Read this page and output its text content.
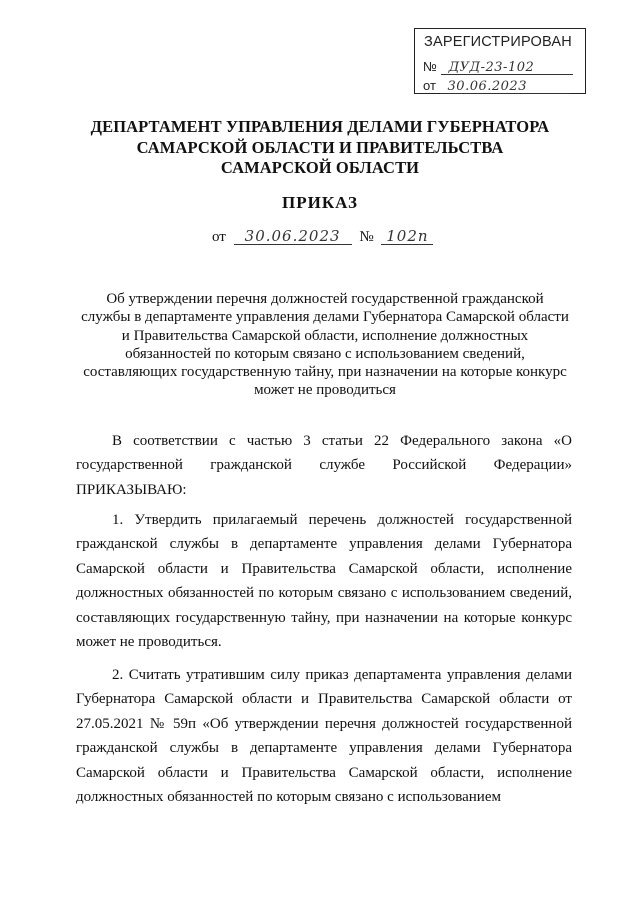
ЗАРЕГИСТРИРОВАН
№ ДУД-23-102
от 30.06.2023
ДЕПАРТАМЕНТ УПРАВЛЕНИЯ ДЕЛАМИ ГУБЕРНАТОРА
САМАРСКОЙ ОБЛАСТИ И ПРАВИТЕЛЬСТВА
САМАРСКОЙ ОБЛАСТИ
ПРИКАЗ
от 30.06.2023 № 102п
Об утверждении перечня должностей государственной гражданской службы в департаменте управления делами Губернатора Самарской области и Правительства Самарской области, исполнение должностных обязанностей по которым связано с использованием сведений, составляющих государственную тайну, при назначении на которые конкурс может не проводиться
В соответствии с частью 3 статьи 22 Федерального закона «О государственной гражданской службе Российской Федерации» ПРИКАЗЫВАЮ:
1. Утвердить прилагаемый перечень должностей государственной гражданской службы в департаменте управления делами Губернатора Самарской области и Правительства Самарской области, исполнение должностных обязанностей по которым связано с использованием сведений, составляющих государственную тайну, при назначении на которые конкурс может не проводиться.
2. Считать утратившим силу приказ департамента управления делами Губернатора Самарской области и Правительства Самарской области от 27.05.2021 № 59п «Об утверждении перечня должностей государственной гражданской службы в департаменте управления делами Губернатора Самарской области и Правительства Самарской области, исполнение должностных обязанностей по которым связано с использованием
